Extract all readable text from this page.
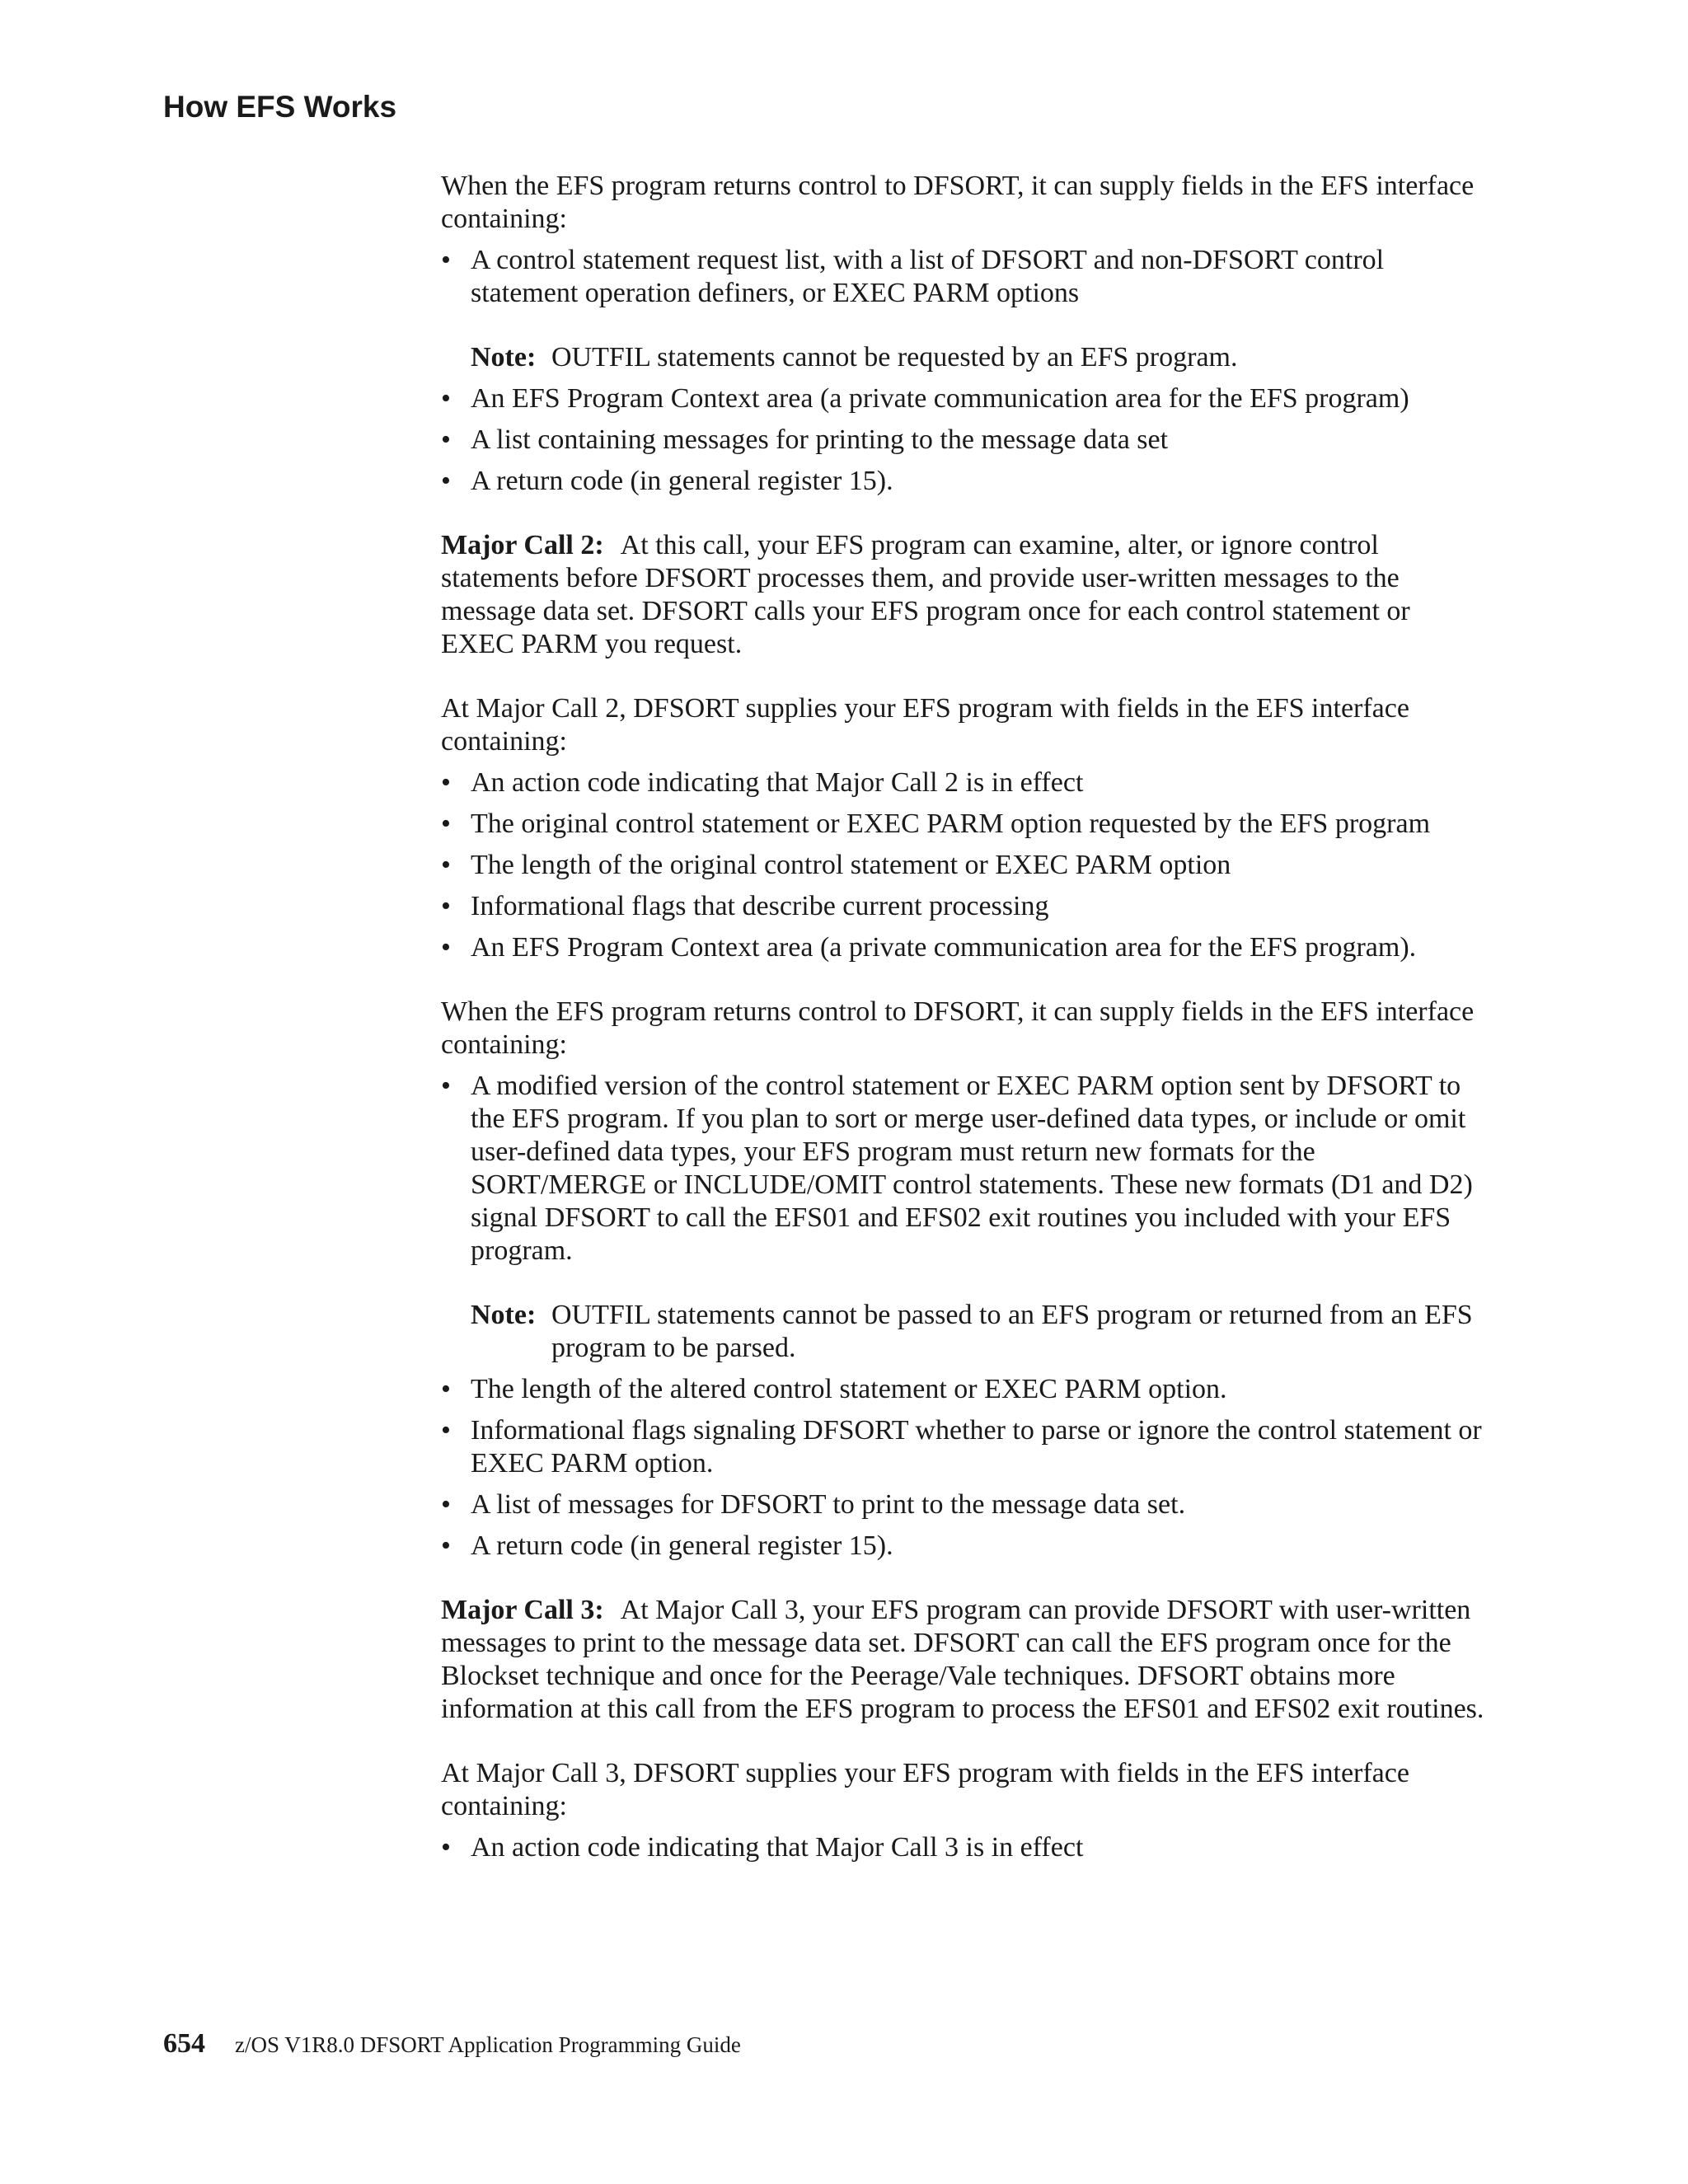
How EFS Works

When the EFS program returns control to DFSORT, it can supply fields in the EFS interface containing:

• A control statement request list, with a list of DFSORT and non-DFSORT control statement operation definers, or EXEC PARM options
Note: OUTFIL statements cannot be requested by an EFS program.
• An EFS Program Context area (a private communication area for the EFS program)
• A list containing messages for printing to the message data set
• A return code (in general register 15).

Major Call 2: At this call, your EFS program can examine, alter, or ignore control statements before DFSORT processes them, and provide user-written messages to the message data set. DFSORT calls your EFS program once for each control statement or EXEC PARM you request.

At Major Call 2, DFSORT supplies your EFS program with fields in the EFS interface containing:

• An action code indicating that Major Call 2 is in effect
• The original control statement or EXEC PARM option requested by the EFS program
• The length of the original control statement or EXEC PARM option
• Informational flags that describe current processing
• An EFS Program Context area (a private communication area for the EFS program).

When the EFS program returns control to DFSORT, it can supply fields in the EFS interface containing:

• A modified version of the control statement or EXEC PARM option sent by DFSORT to the EFS program. If you plan to sort or merge user-defined data types, or include or omit user-defined data types, your EFS program must return new formats for the SORT/MERGE or INCLUDE/OMIT control statements. These new formats (D1 and D2) signal DFSORT to call the EFS01 and EFS02 exit routines you included with your EFS program.
Note: OUTFIL statements cannot be passed to an EFS program or returned from an EFS program to be parsed.
• The length of the altered control statement or EXEC PARM option.
• Informational flags signaling DFSORT whether to parse or ignore the control statement or EXEC PARM option.
• A list of messages for DFSORT to print to the message data set.
• A return code (in general register 15).

Major Call 3: At Major Call 3, your EFS program can provide DFSORT with user-written messages to print to the message data set. DFSORT can call the EFS program once for the Blockset technique and once for the Peerage/Vale techniques. DFSORT obtains more information at this call from the EFS program to process the EFS01 and EFS02 exit routines.

At Major Call 3, DFSORT supplies your EFS program with fields in the EFS interface containing:

• An action code indicating that Major Call 3 is in effect
654 z/OS V1R8.0 DFSORT Application Programming Guide
